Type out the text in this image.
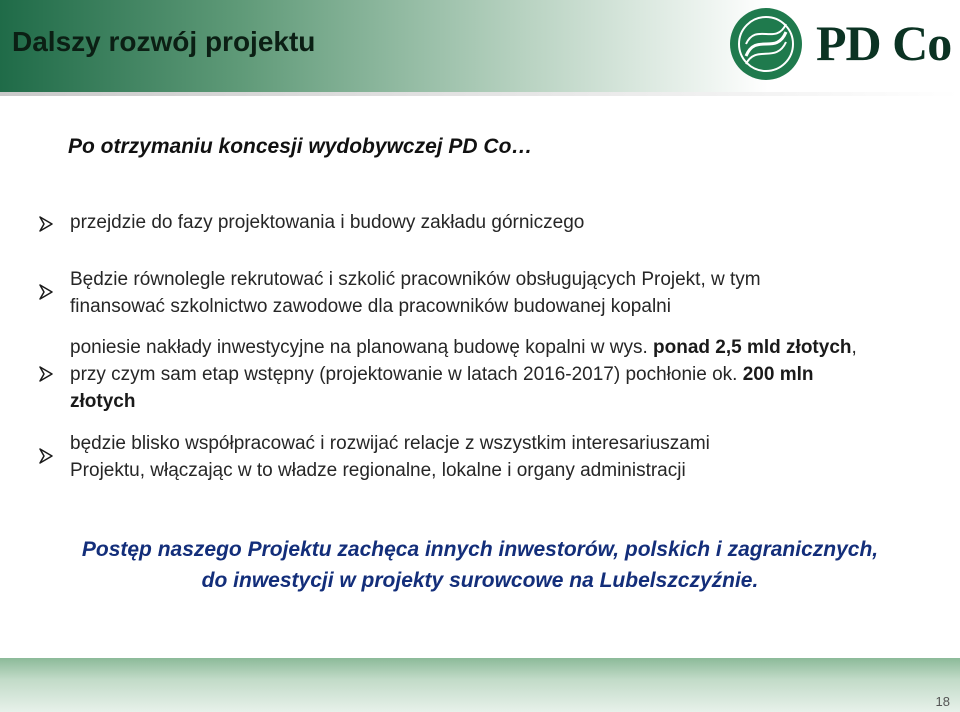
Dalszy rozwój projektu	PD Co
Po otrzymaniu koncesji wydobywczej PD Co…
przejdzie do fazy projektowania i budowy zakładu górniczego
Będzie równolegle rekrutować i szkolić pracowników obsługujących Projekt, w tym
finansować szkolnictwo zawodowe dla pracowników budowanej kopalni
poniesie nakłady inwestycyjne na planowaną budowę kopalni w wys. ponad 2,5 mld złotych, przy czym sam etap wstępny (projektowanie w latach 2016-2017) pochłonie ok. 200 mln złotych
będzie blisko współpracować i rozwijać relacje z wszystkim interesariuszami
Projektu, włączając w to władze regionalne, lokalne i organy administracji
Postęp naszego Projektu zachęca innych inwestorów, polskich i zagranicznych,
do inwestycji w projekty surowcowe na Lubelszczyźnie.
18
